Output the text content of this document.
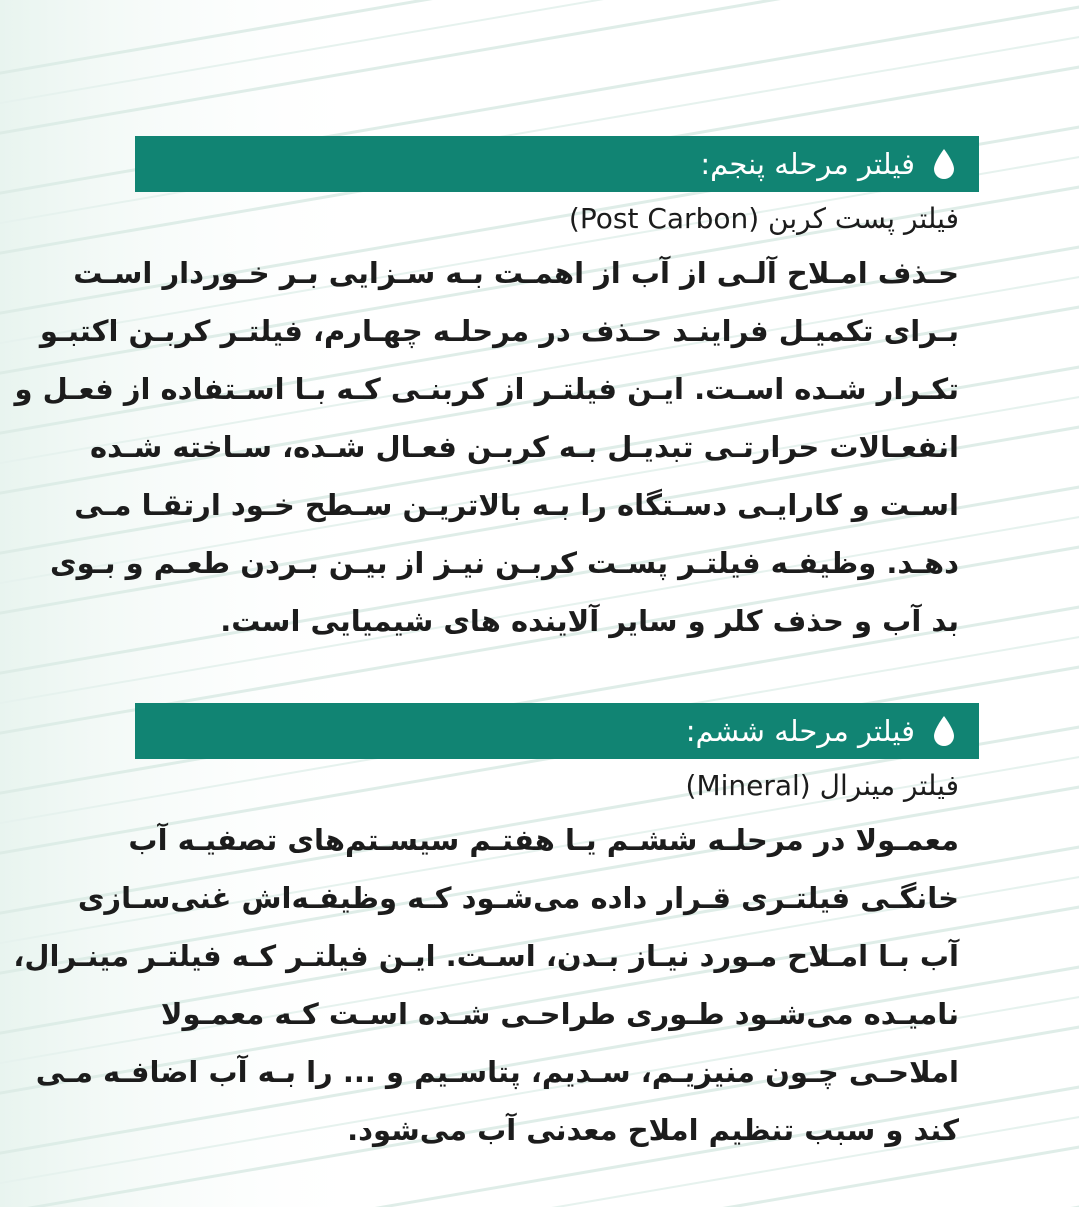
فیلتر مرحله پنجم:
فیلتر پست کربن (Post Carbon)
حـذف امـلاح آلـی از آب از اهمـت بـه سـزایی بـر خـوردار اسـت
بـرای تکمیـل فراینـد حـذف در مرحلـه چهـارم، فیلتـر کربـن اکتبـو
تکـرار شـده اسـت. ایـن فیلتـر از کربنـی کـه بـا اسـتفاده از فعـل و
انفعـالات حرارتـی تبدیـل بـه کربـن فعـال شـده، سـاخته شـده
اسـت و کارایـی دسـتگاه را بـه بالاتریـن سـطح خـود ارتقـا مـی
دهـد. وظیفـه فیلتـر پسـت کربـن نیـز از بیـن بـردن طعـم و بـوی
بد آب و حذف کلر و سایر آلاینده های شیمیایی است.
فیلتر مرحله ششم:
فیلتر مینرال (Mineral)
معمـولا در مرحلـه ششـم یـا هفتـم سیسـتم‌های تصفیـه آب
خانگـی فیلتـری قـرار داده می‌شـود کـه وظیفـه‌اش غنی‌سـازی
آب بـا امـلاح مـورد نیـاز بـدن، اسـت. ایـن فیلتـر کـه فیلتـر مینـرال،
نامیـده می‌شـود طـوری طراحـی شـده اسـت کـه معمـولا
املاحـی چـون منیزیـم، سـدیم، پتاسـیم و ... را بـه آب اضافـه مـی
کند و سبب تنظیم املاح معدنی آب می‌شود.
